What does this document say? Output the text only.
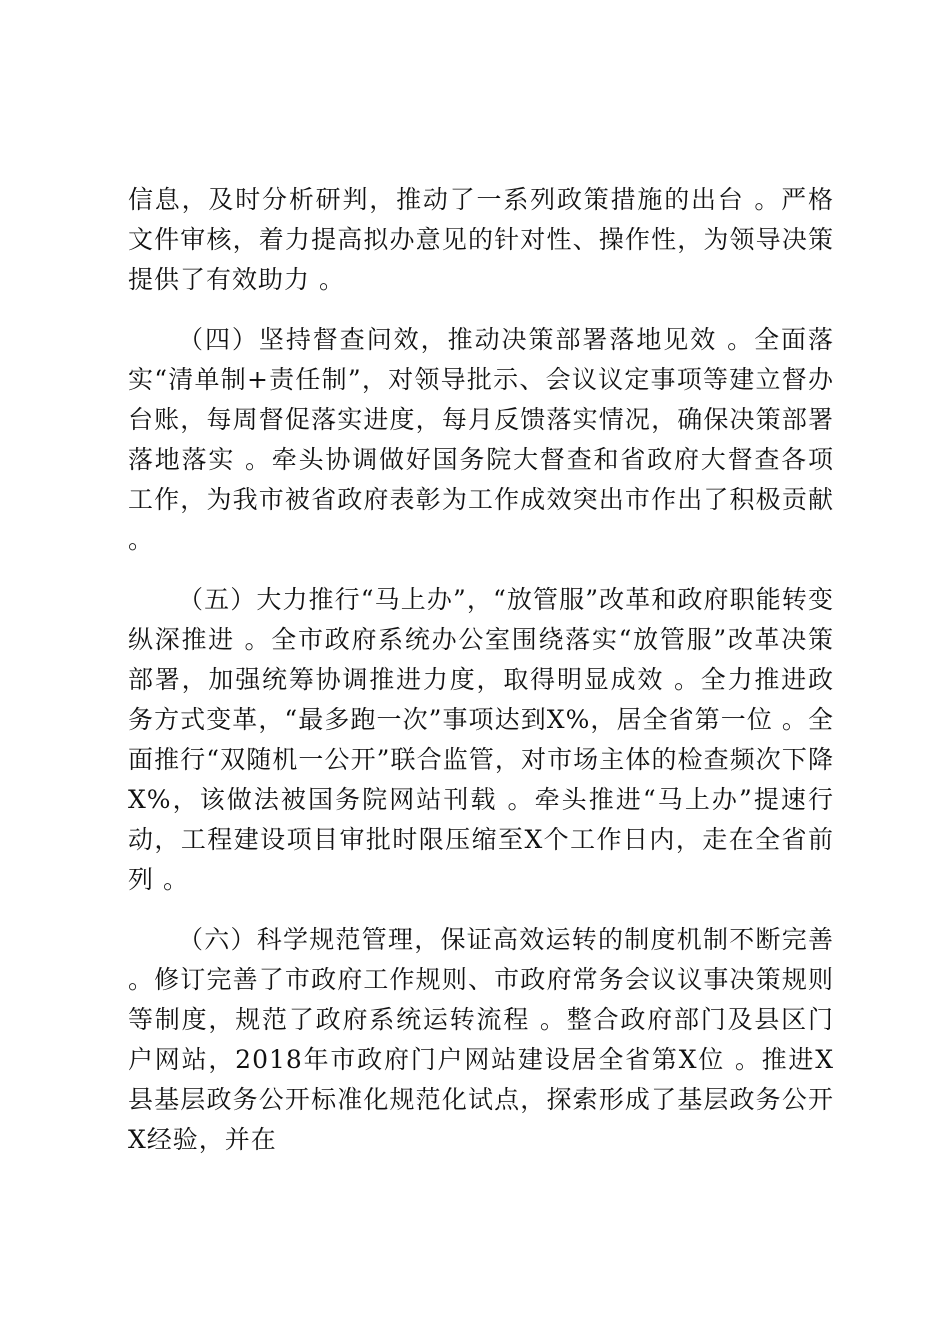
信息，及时分析研判，推动了一系列政策措施的出台 。严格文件审核，着力提高拟办意见的针对性、操作性，为领导决策提供了有效助力 。

（四）坚持督查问效，推动决策部署落地见效 。全面落实“清单制+责任制”，对领导批示、会议议定事项等建立督办台账，每周督促落实进度，每月反馈落实情况，确保决策部署落地落实 。牵头协调做好国务院大督查和省政府大督查各项工作，为我市被省政府表彰为工作成效突出市作出了积极贡献 。

（五）大力推行“马上办”，“放管服”改革和政府职能转变纵深推进 。全市政府系统办公室围绕落实“放管服”改革决策部署，加强统筹协调推进力度，取得明显成效 。全力推进政务方式变革，“最多跑一次”事项达到X%，居全省第一位 。全面推行“双随机一公开”联合监管，对市场主体的检查频次下降X%，该做法被国务院网站刊载 。牵头推进“马上办”提速行动，工程建设项目审批时限压缩至X个工作日内，走在全省前列 。

（六）科学规范管理，保证高效运转的制度机制不断完善 。修订完善了市政府工作规则、市政府常务会议议事决策规则等制度，规范了政府系统运转流程 。整合政府部门及县区门户网站，2018年市政府门户网站建设居全省第X位 。推进X县基层政务公开标准化规范化试点，探索形成了基层政务公开X经验，并在
